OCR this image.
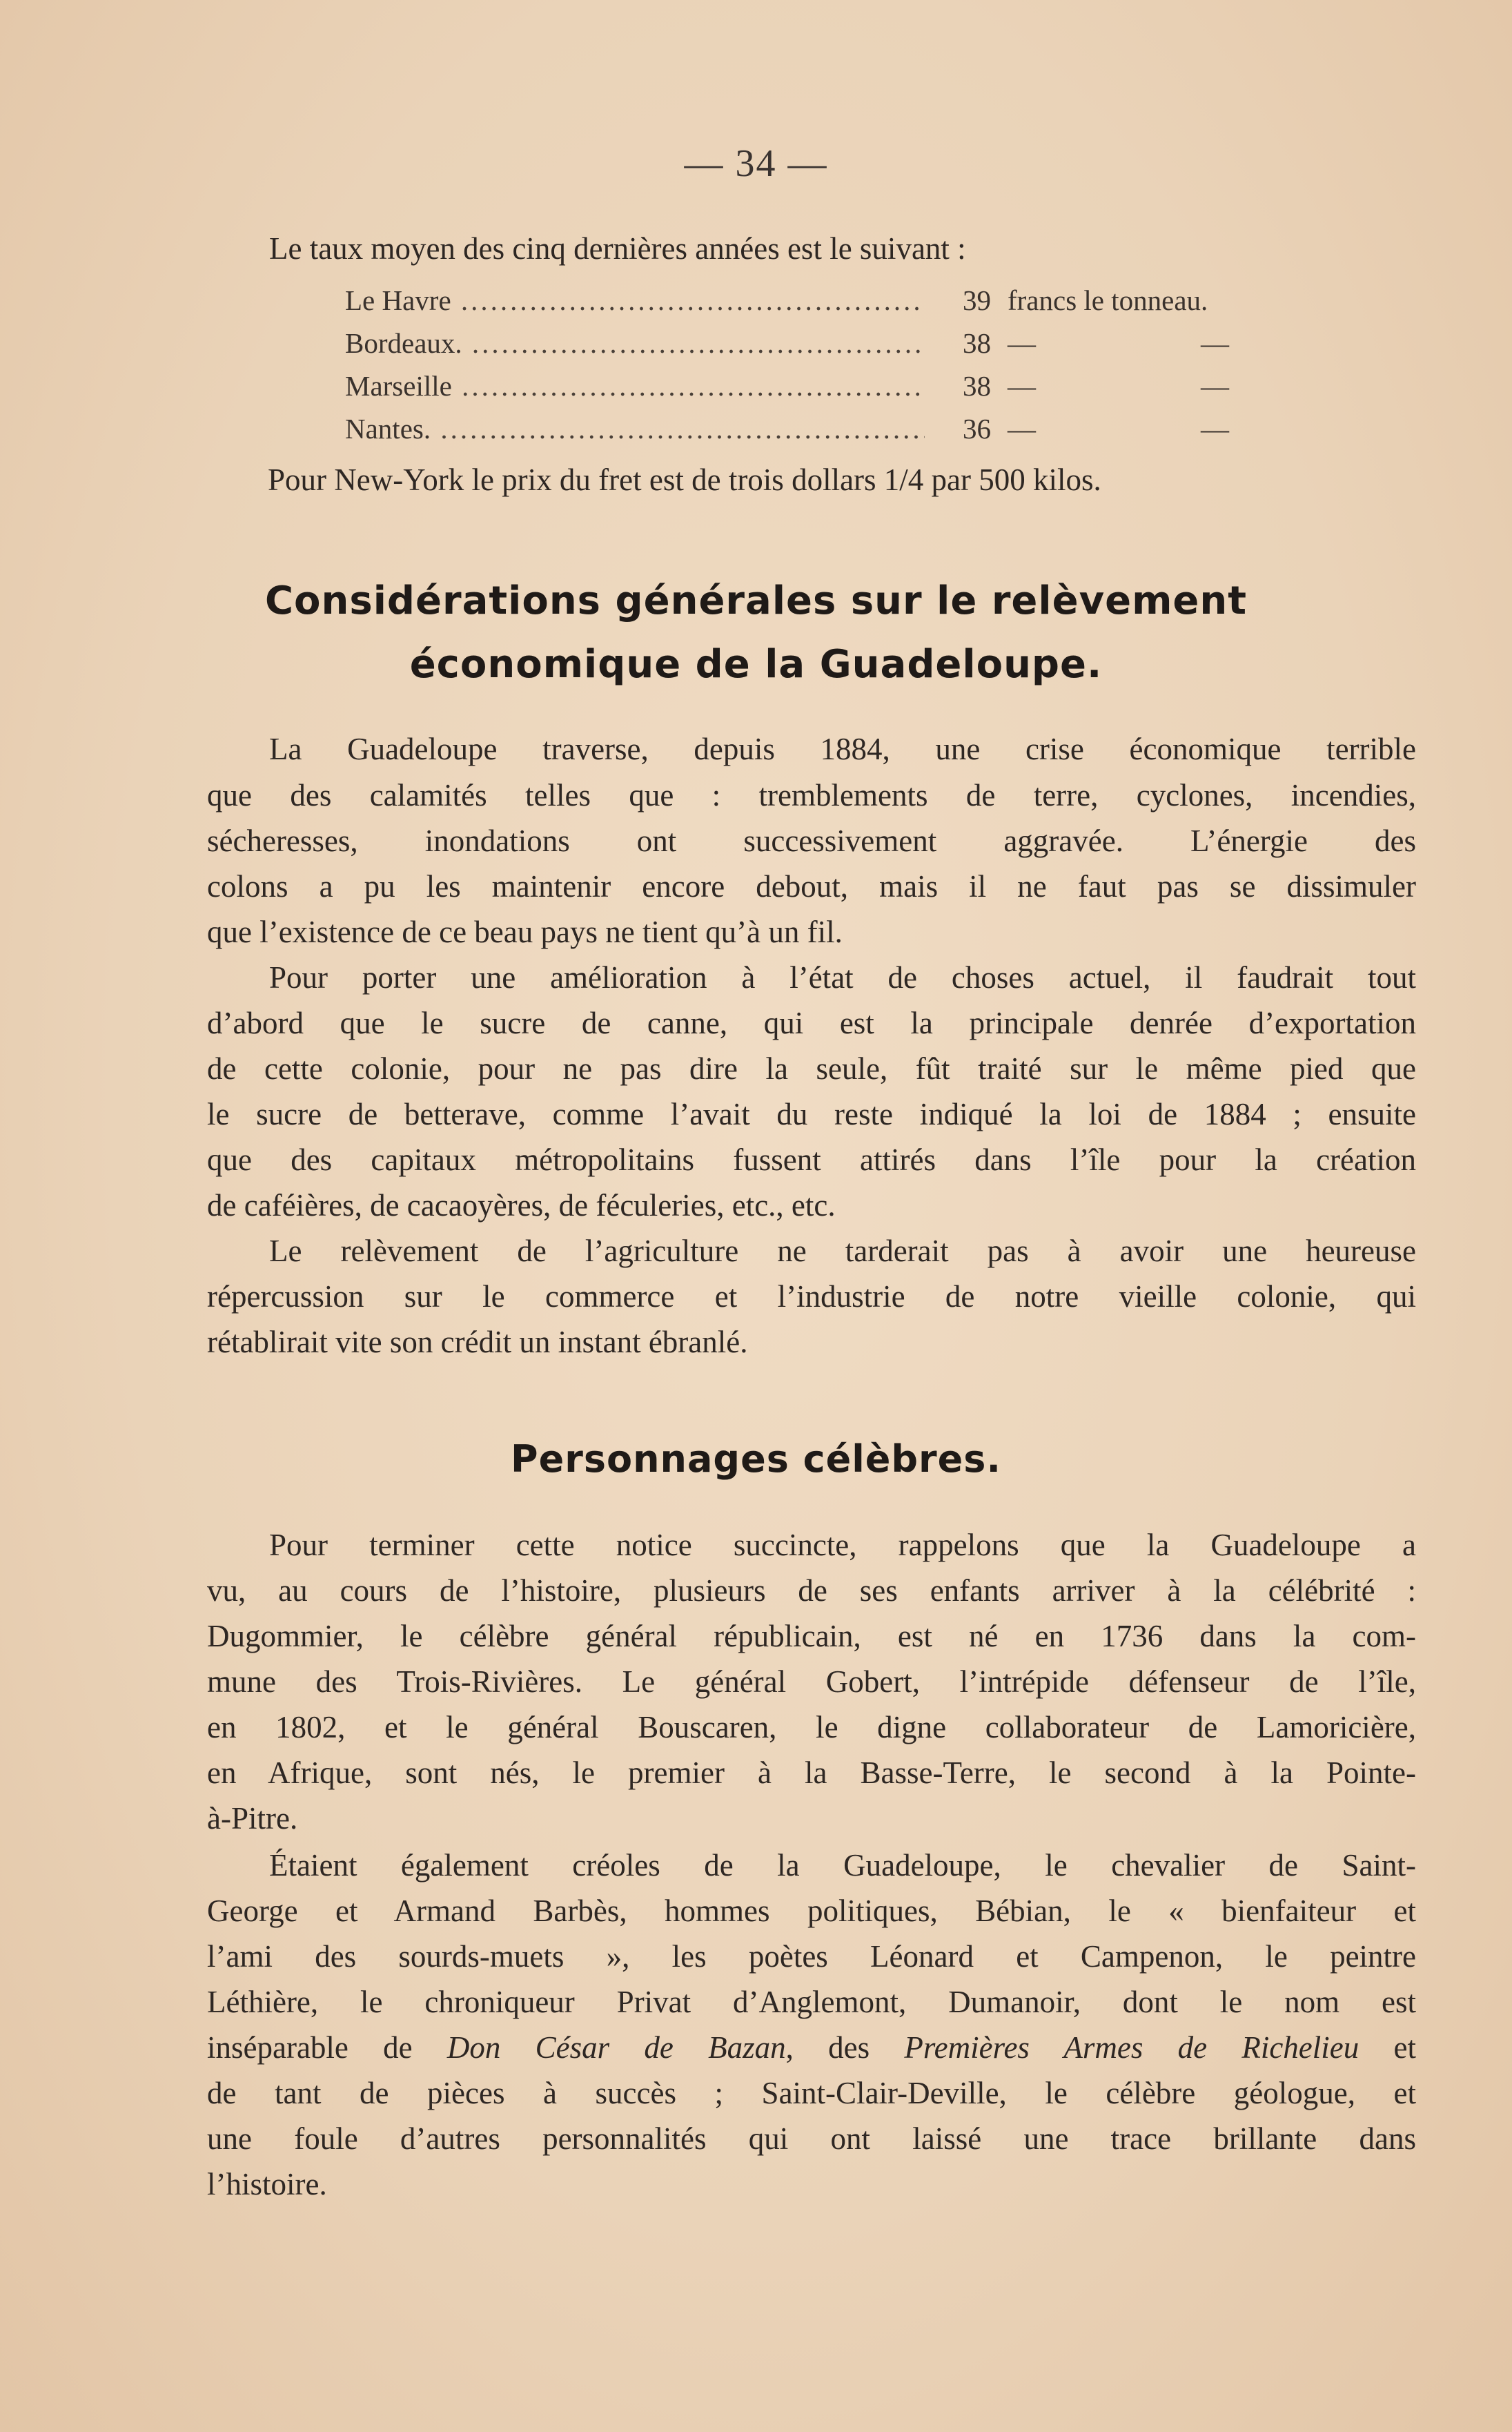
— 34 —
Le taux moyen des cinq dernières années est le suivant :
Le Havre .....	39 francs le tonneau.
Bordeaux. .....	38 —	—
Marseille .....	38 —	—
Nantes. .....	36 —	—
Pour New-York le prix du fret est de trois dollars 1/4 par 500 kilos.
Considérations générales sur le relèvement
économique de la Guadeloupe.
La Guadeloupe traverse, depuis 1884, une crise économique terrible
que des calamités telles que : tremblements de terre, cyclones, incendies,
sécheresses, inondations ont successivement aggravée. L’énergie des
colons a pu les maintenir encore debout, mais il ne faut pas se dissimuler
que l’existence de ce beau pays ne tient qu’à un fil.
Pour porter une amélioration à l’état de choses actuel, il faudrait tout
d’abord que le sucre de canne, qui est la principale denrée d’exportation
de cette colonie, pour ne pas dire la seule, fût traité sur le même pied que
le sucre de betterave, comme l’avait du reste indiqué la loi de 1884 ; ensuite
que des capitaux métropolitains fussent attirés dans l’île pour la création
de caféières, de cacaoyères, de féculeries, etc., etc.
Le relèvement de l’agriculture ne tarderait pas à avoir une heureuse
répercussion sur le commerce et l’industrie de notre vieille colonie, qui
rétablirait vite son crédit un instant ébranlé.
Personnages célèbres.
Pour terminer cette notice succincte, rappelons que la Guadeloupe a
vu, au cours de l’histoire, plusieurs de ses enfants arriver à la célébrité :
Dugommier, le célèbre général républicain, est né en 1736 dans la com-
mune des Trois-Rivières. Le général Gobert, l’intrépide défenseur de l’île,
en 1802, et le général Bouscaren, le digne collaborateur de Lamoricière,
en Afrique, sont nés, le premier à la Basse-Terre, le second à la Pointe-
à-Pitre.
Étaient également créoles de la Guadeloupe, le chevalier de Saint-
George et Armand Barbès, hommes politiques, Bébian, le « bienfaiteur et
l’ami des sourds-muets », les poètes Léonard et Campenon, le peintre
Léthière, le chroniqueur Privat d’Anglemont, Dumanoir, dont le nom est
inséparable de Don César de Bazan, des Premières Armes de Richelieu et
de tant de pièces à succès ; Saint-Clair-Deville, le célèbre géologue, et
une foule d’autres personnalités qui ont laissé une trace brillante dans
l’histoire.
